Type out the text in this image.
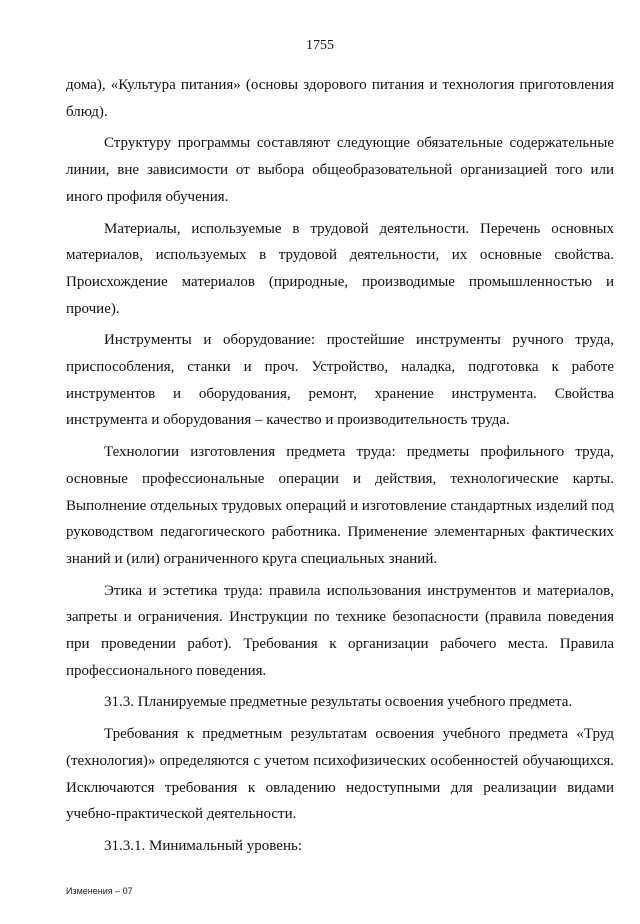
1755

дома), «Культура питания» (основы здорового питания и технология приготовления блюд).

Структуру программы составляют следующие обязательные содержательные линии, вне зависимости от выбора общеобразовательной организацией того или иного профиля обучения.

Материалы, используемые в трудовой деятельности. Перечень основных материалов, используемых в трудовой деятельности, их основные свойства. Происхождение материалов (природные, производимые промышленностью и прочие).

Инструменты и оборудование: простейшие инструменты ручного труда, приспособления, станки и проч. Устройство, наладка, подготовка к работе инструментов и оборудования, ремонт, хранение инструмента. Свойства инструмента и оборудования – качество и производительность труда.

Технологии изготовления предмета труда: предметы профильного труда, основные профессиональные операции и действия, технологические карты. Выполнение отдельных трудовых операций и изготовление стандартных изделий под руководством педагогического работника. Применение элементарных фактических знаний и (или) ограниченного круга специальных знаний.

Этика и эстетика труда: правила использования инструментов и материалов, запреты и ограничения. Инструкции по технике безопасности (правила поведения при проведении работ). Требования к организации рабочего места. Правила профессионального поведения.

31.3. Планируемые предметные результаты освоения учебного предмета.

Требования к предметным результатам освоения учебного предмета «Труд (технология)» определяются с учетом психофизических особенностей обучающихся. Исключаются требования к овладению недоступными для реализации видами учебно-практической деятельности.

31.3.1. Минимальный уровень:

Изменения – 07
